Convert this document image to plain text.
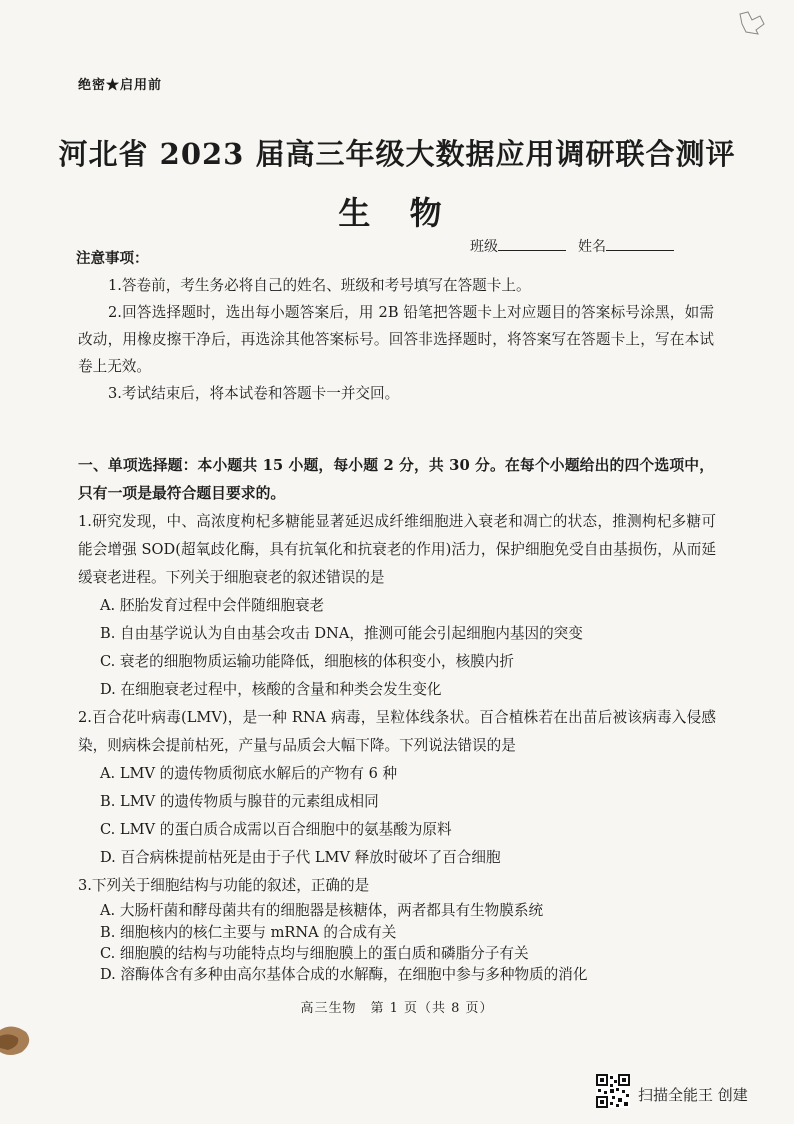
绝密★启用前
河北省 2023 届高三年级大数据应用调研联合测评
生 物
班级	姓名
注意事项：
1.答卷前，考生务必将自己的姓名、班级和考号填写在答题卡上。
2.回答选择题时，选出每小题答案后，用 2B 铅笔把答题卡上对应题目的答案标号涂黑，如需改动，用橡皮擦干净后，再选涂其他答案标号。回答非选择题时，将答案写在答题卡上，写在本试卷上无效。
3.考试结束后，将本试卷和答题卡一并交回。
一、单项选择题：本小题共 15 小题，每小题 2 分，共 30 分。在每个小题给出的四个选项中，只有一项是最符合题目要求的。
1.研究发现，中、高浓度枸杞多糖能显著延迟成纤维细胞进入衰老和凋亡的状态，推测枸杞多糖可能会增强 SOD(超氧歧化酶，具有抗氧化和抗衰老的作用)活力，保护细胞免受自由基损伤，从而延缓衰老进程。下列关于细胞衰老的叙述错误的是
A. 胚胎发育过程中会伴随细胞衰老
B. 自由基学说认为自由基会攻击 DNA，推测可能会引起细胞内基因的突变
C. 衰老的细胞物质运输功能降低，细胞核的体积变小，核膜内折
D. 在细胞衰老过程中，核酸的含量和种类会发生变化
2.百合花叶病毒(LMV)，是一种 RNA 病毒，呈粒体线条状。百合植株若在出苗后被该病毒入侵感染，则病株会提前枯死，产量与品质会大幅下降。下列说法错误的是
A. LMV 的遗传物质彻底水解后的产物有 6 种
B. LMV 的遗传物质与腺苷的元素组成相同
C. LMV 的蛋白质合成需以百合细胞中的氨基酸为原料
D. 百合病株提前枯死是由于子代 LMV 释放时破坏了百合细胞
3.下列关于细胞结构与功能的叙述，正确的是
A. 大肠杆菌和酵母菌共有的细胞器是核糖体，两者都具有生物膜系统
B. 细胞核内的核仁主要与 mRNA 的合成有关
C. 细胞膜的结构与功能特点均与细胞膜上的蛋白质和磷脂分子有关
高三生物　第 1 页（共 8 页）
扫描全能王 创建
D. 溶酶体含有多种由高尔基体合成的水解酶，在细胞中参与多种物质的消化
